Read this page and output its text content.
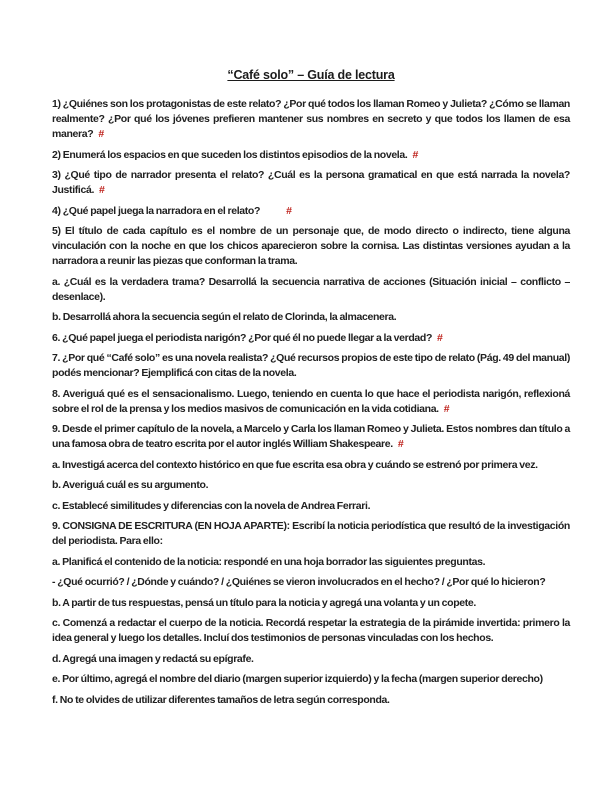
“Café solo” – Guía de lectura

1) ¿Quiénes son los protagonistas de este relato? ¿Por qué todos los llaman Romeo y Julieta? ¿Cómo se llaman realmente? ¿Por qué los jóvenes prefieren mantener sus nombres en secreto y que todos los llamen de esa manera? #

2) Enumerá los espacios en que suceden los distintos episodios de la novela. #

3) ¿Qué tipo de narrador presenta el relato? ¿Cuál es la persona gramatical en que está narrada la novela? Justificá. #

4) ¿Qué papel juega la narradora en el relato? #

5) El título de cada capítulo es el nombre de un personaje que, de modo directo o indirecto, tiene alguna vinculación con la noche en que los chicos aparecieron sobre la cornisa. Las distintas versiones ayudan a la narradora a reunir las piezas que conforman la trama.

a. ¿Cuál es la verdadera trama? Desarrollá la secuencia narrativa de acciones (Situación inicial – conflicto – desenlace).

b. Desarrollá ahora la secuencia según el relato de Clorinda, la almacenera.

6. ¿Qué papel juega el periodista narigón? ¿Por qué él no puede llegar a la verdad? #

7. ¿Por qué “Café solo” es una novela realista? ¿Qué recursos propios de este tipo de relato (Pág. 49 del manual) podés mencionar? Ejemplificá con citas de la novela.

8. Averiguá qué es el sensacionalismo. Luego, teniendo en cuenta lo que hace el periodista narigón, reflexioná sobre el rol de la prensa y los medios masivos de comunicación en la vida cotidiana. #

9. Desde el primer capítulo de la novela, a Marcelo y Carla los llaman Romeo y Julieta. Estos nombres dan título a una famosa obra de teatro escrita por el autor inglés William Shakespeare. #

a. Investigá acerca del contexto histórico en que fue escrita esa obra y cuándo se estrenó por primera vez.

b. Averiguá cuál es su argumento.

c. Establecé similitudes y diferencias con la novela de Andrea Ferrari.

9. CONSIGNA DE ESCRITURA (EN HOJA APARTE): Escribí la noticia periodística que resultó de la investigación del periodista. Para ello:

a. Planificá el contenido de la noticia: respondé en una hoja borrador las siguientes preguntas.

- ¿Qué ocurrió? / ¿Dónde y cuándo? / ¿Quiénes se vieron involucrados en el hecho? / ¿Por qué lo hicieron?

b. A partir de tus respuestas, pensá un título para la noticia y agregá una volanta y un copete.

c. Comenzá a redactar el cuerpo de la noticia. Recordá respetar la estrategia de la pirámide invertida: primero la idea general y luego los detalles. Incluí dos testimonios de personas vinculadas con los hechos.

d. Agregá una imagen y redactá su epígrafe.

e. Por último, agregá el nombre del diario (margen superior izquierdo) y la fecha (margen superior derecho)

f. No te olvides de utilizar diferentes tamaños de letra según corresponda.
